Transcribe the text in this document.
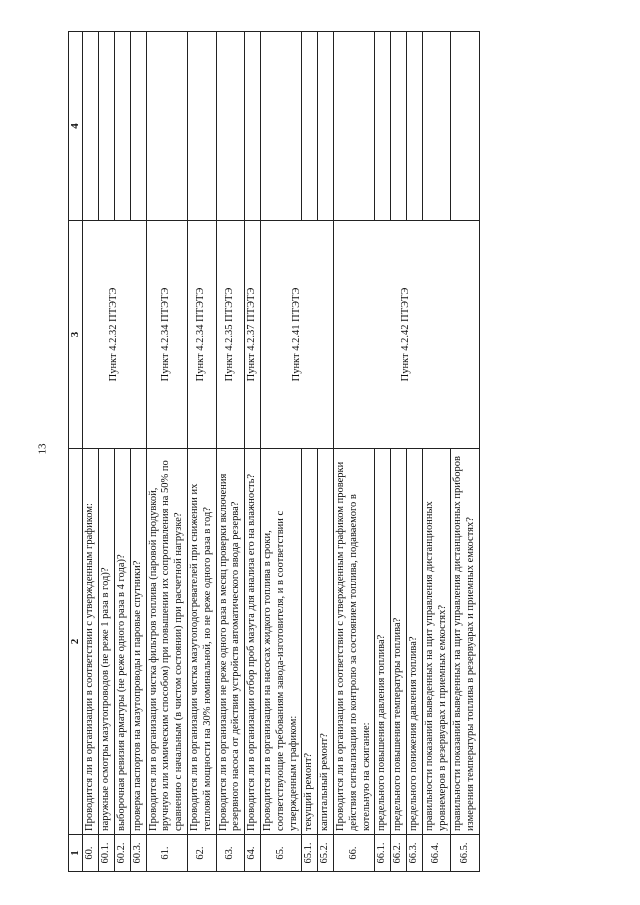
13
1	2	3	4
60.	Проводится ли в организации в соответствии с утвержденным графиком:	Пункт 4.2.32 ПТЭТЭ	
60.1.	наружные осмотры мазутопроводов (не реже 1 раза в год)?		
60.2.	выборочная ревизия арматуры (не реже одного раза в 4 года)?		
60.3.	проверка паспортов на мазутопроводы и паровые спутники?		
61.	Проводится ли в организации чистка фильтров топлива (паровой продувкой, вручную или химическим способом) при повышении их сопротивления на 50% по сравнению с начальным (в чистом состоянии) при расчетной нагрузке?	Пункт 4.2.34 ПТЭТЭ	
62.	Проводится ли в организации чистка мазутоподогревателей при снижении их тепловой мощности на 30% номинальной, но не реже одного раза в год?	Пункт 4.2.34 ПТЭТЭ	
63.	Проводится ли в организации не реже одного раза в месяц проверки включения резервного насоса от действия устройств автоматического ввода резерва?	Пункт 4.2.35 ПТЭТЭ	
64.	Проводится ли в организации отбор проб мазута для анализа его на влажность?	Пункт 4.2.37 ПТЭТЭ	
65.	Проводится ли в организации на насосах жидкого топлива в сроки, соответствующие требованиям завода-изготовителя, и в соответствии с утвержденным графиком:	Пункт 4.2.41 ПТЭТЭ	
65.1.	текущий ремонт?		
65.2.	капитальный ремонт?		
66.	Проводится ли в организации в соответствии с утвержденным графиком проверки действия сигнализации по контролю за состоянием топлива, подаваемого в котельную на сжигание:	Пункт 4.2.42 ПТЭТЭ	
66.1.	предельного повышения давления топлива?		
66.2.	предельного повышения температуры топлива?		
66.3.	предельного понижения давления топлива?		
66.4.	правильности показаний выведенных на щит управления дистанционных уровнемеров в резервуарах и приемных емкостях?		
66.5.	правильности показаний выведенных на щит управления дистанционных приборов измерения температуры топлива в резервуарах и приемных емкостях?		
